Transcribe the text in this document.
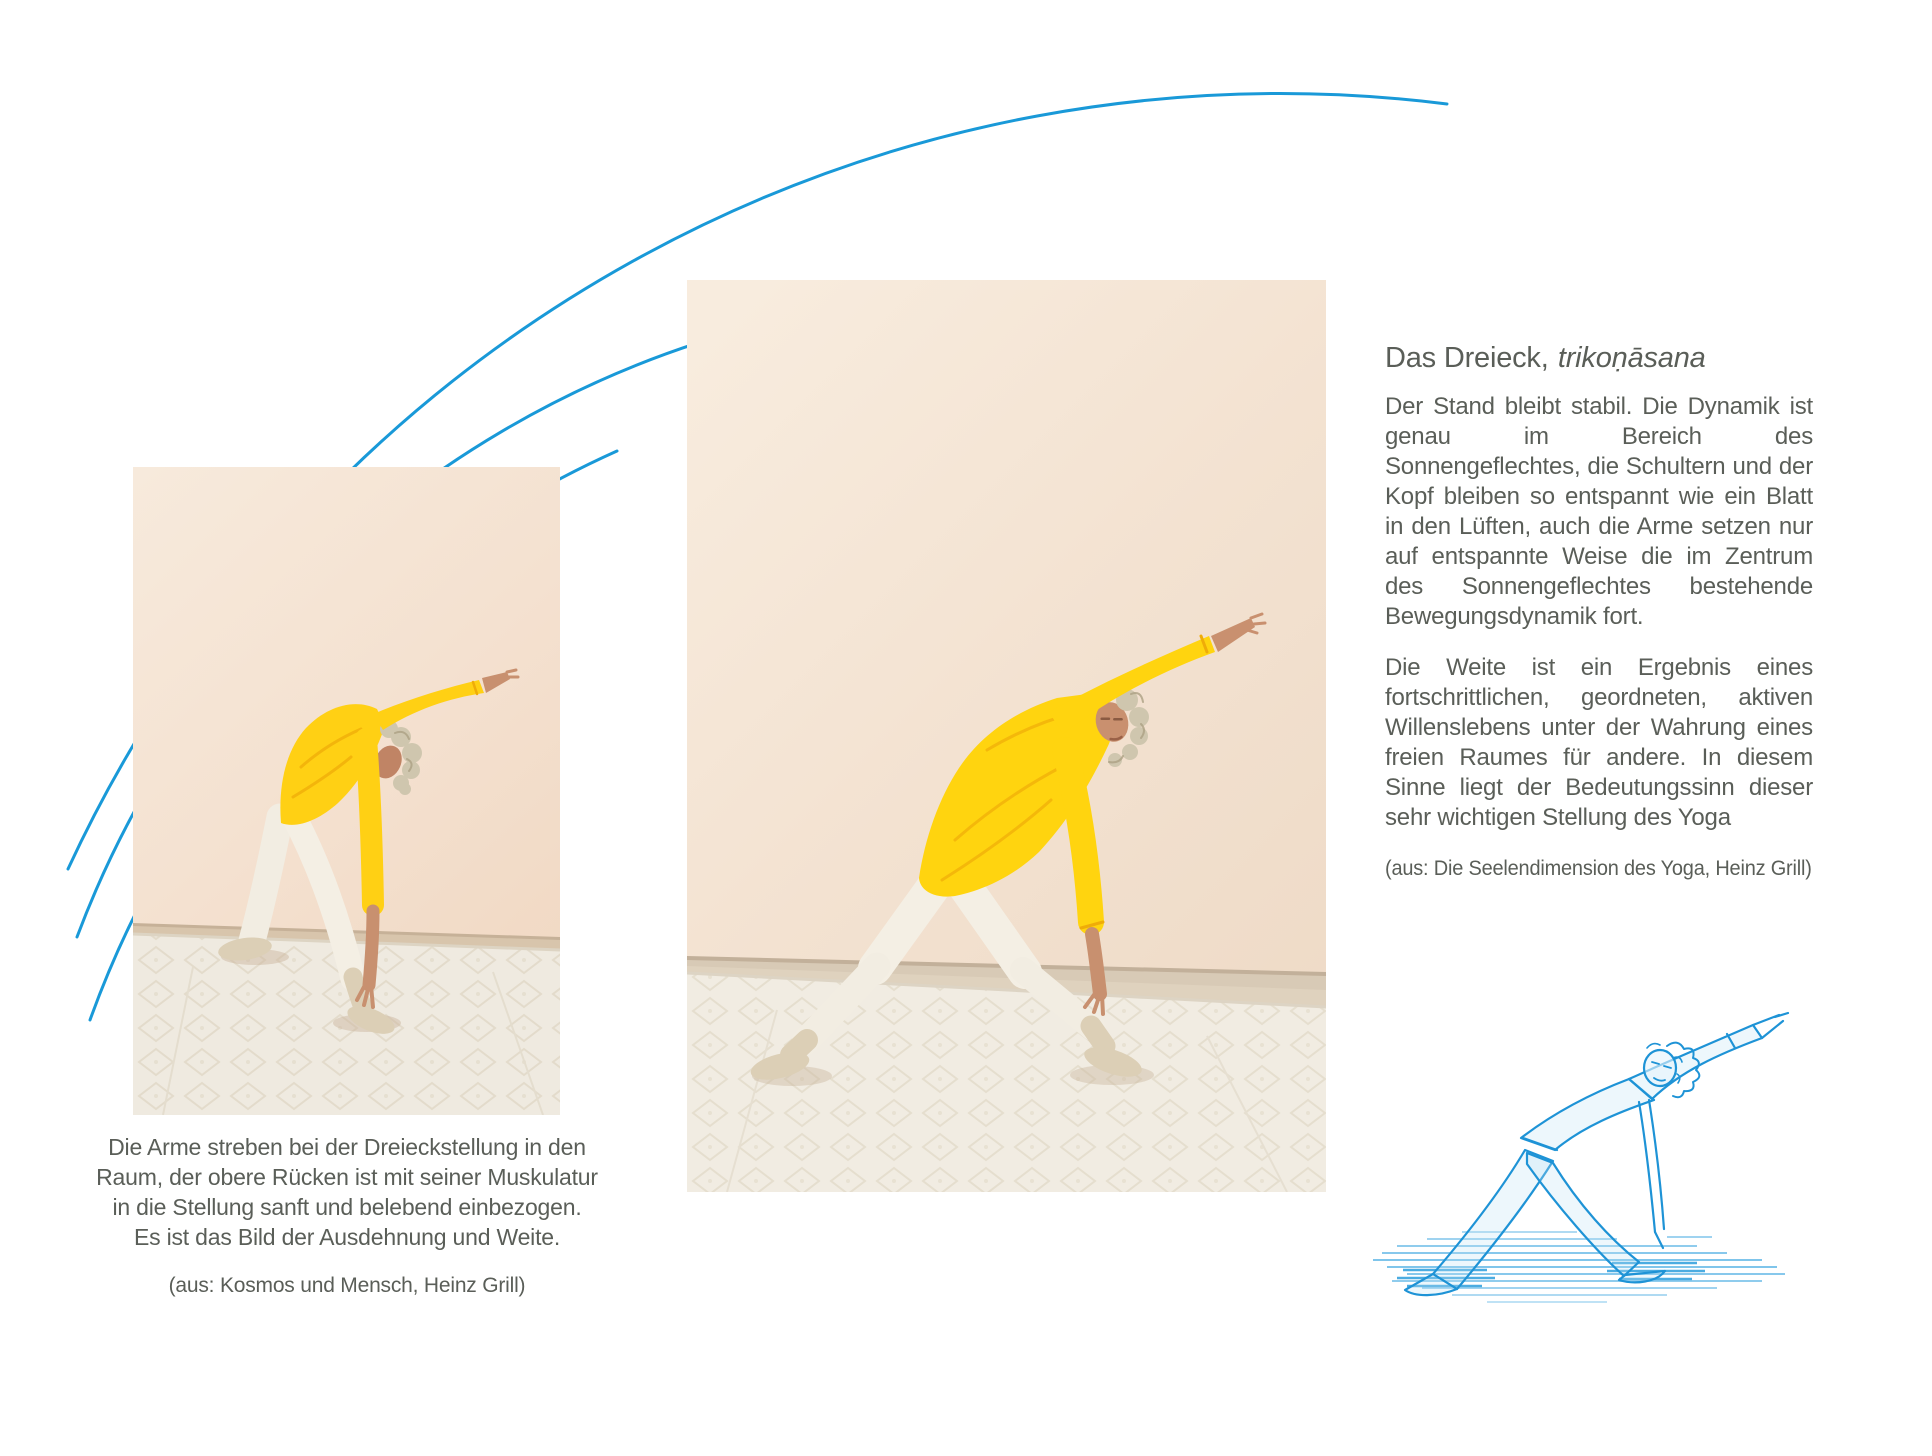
Die Arme streben bei der Dreieckstellung in den
Raum, der obere Rücken ist mit seiner Muskulatur
in die Stellung sanft und belebend einbezogen.
Es ist das Bild der Ausdehnung und Weite.
(aus: Kosmos und Mensch, Heinz Grill)
Das Dreieck, trikoṇāsana

Der Stand bleibt stabil. Die Dynamik ist genau im Bereich des Sonnengeflechtes, die Schultern und der Kopf bleiben so entspannt wie ein Blatt in den Lüften, auch die Arme setzen nur auf entspannte Weise die im Zentrum des Sonnengeflechtes bestehende Bewegungsdynamik fort.

Die Weite ist ein Ergebnis eines fortschrittlichen, geordneten, aktiven Willenslebens unter der Wahrung eines freien Raumes für andere. In diesem Sinne liegt der Bedeutungssinn dieser sehr wichtigen Stellung des Yoga

(aus: Die Seelendimension des Yoga, Heinz Grill)
